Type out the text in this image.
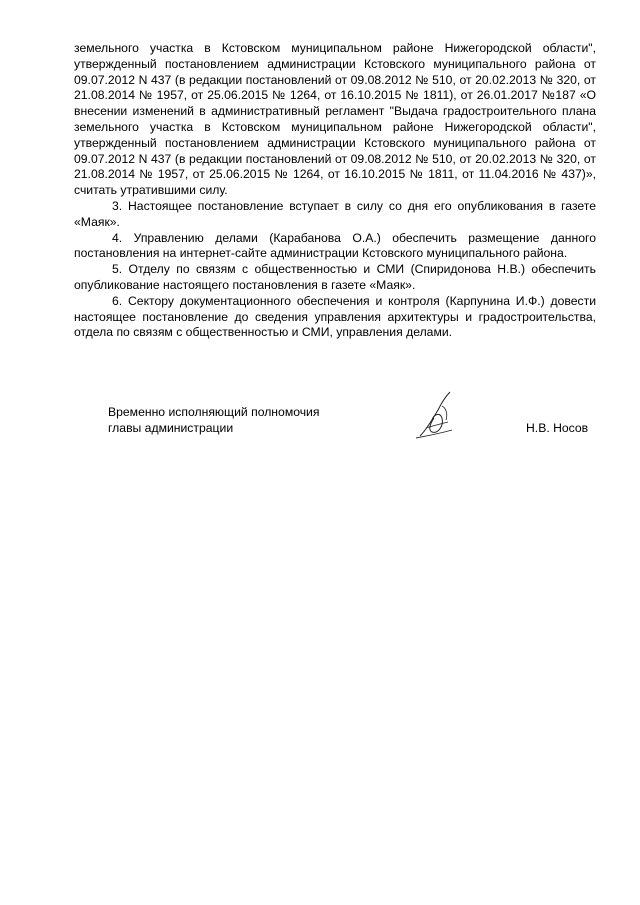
земельного участка в Кстовском муниципальном районе Нижегородской области", утвержденный постановлением администрации Кстовского муниципального района от 09.07.2012 N 437 (в редакции постановлений от 09.08.2012 № 510, от 20.02.2013 № 320, от 21.08.2014 № 1957, от 25.06.2015 № 1264, от 16.10.2015 № 1811), от 26.01.2017 №187 «О внесении изменений в административный регламент "Выдача градостроительного плана земельного участка в Кстовском муниципальном районе Нижегородской области", утвержденный постановлением администрации Кстовского муниципального района от 09.07.2012 N 437 (в редакции постановлений от 09.08.2012 № 510, от 20.02.2013 № 320, от 21.08.2014 № 1957, от 25.06.2015 № 1264, от 16.10.2015 № 1811, от 11.04.2016 № 437)», считать утратившими силу.

3. Настоящее постановление вступает в силу со дня его опубликования в газете «Маяк».

4. Управлению делами (Карабанова О.А.) обеспечить размещение данного постановления на интернет-сайте администрации Кстовского муниципального района.

5. Отделу по связям с общественностью и СМИ (Спиридонова Н.В.) обеспечить опубликование настоящего постановления в газете «Маяк».

6. Сектору документационного обеспечения и контроля (Карпунина И.Ф.) довести настоящее постановление до сведения управления архитектуры и градостроительства, отдела по связям с общественностью и СМИ, управления делами.

Временно исполняющий полномочия
главы администрации	Н.В. Носов
